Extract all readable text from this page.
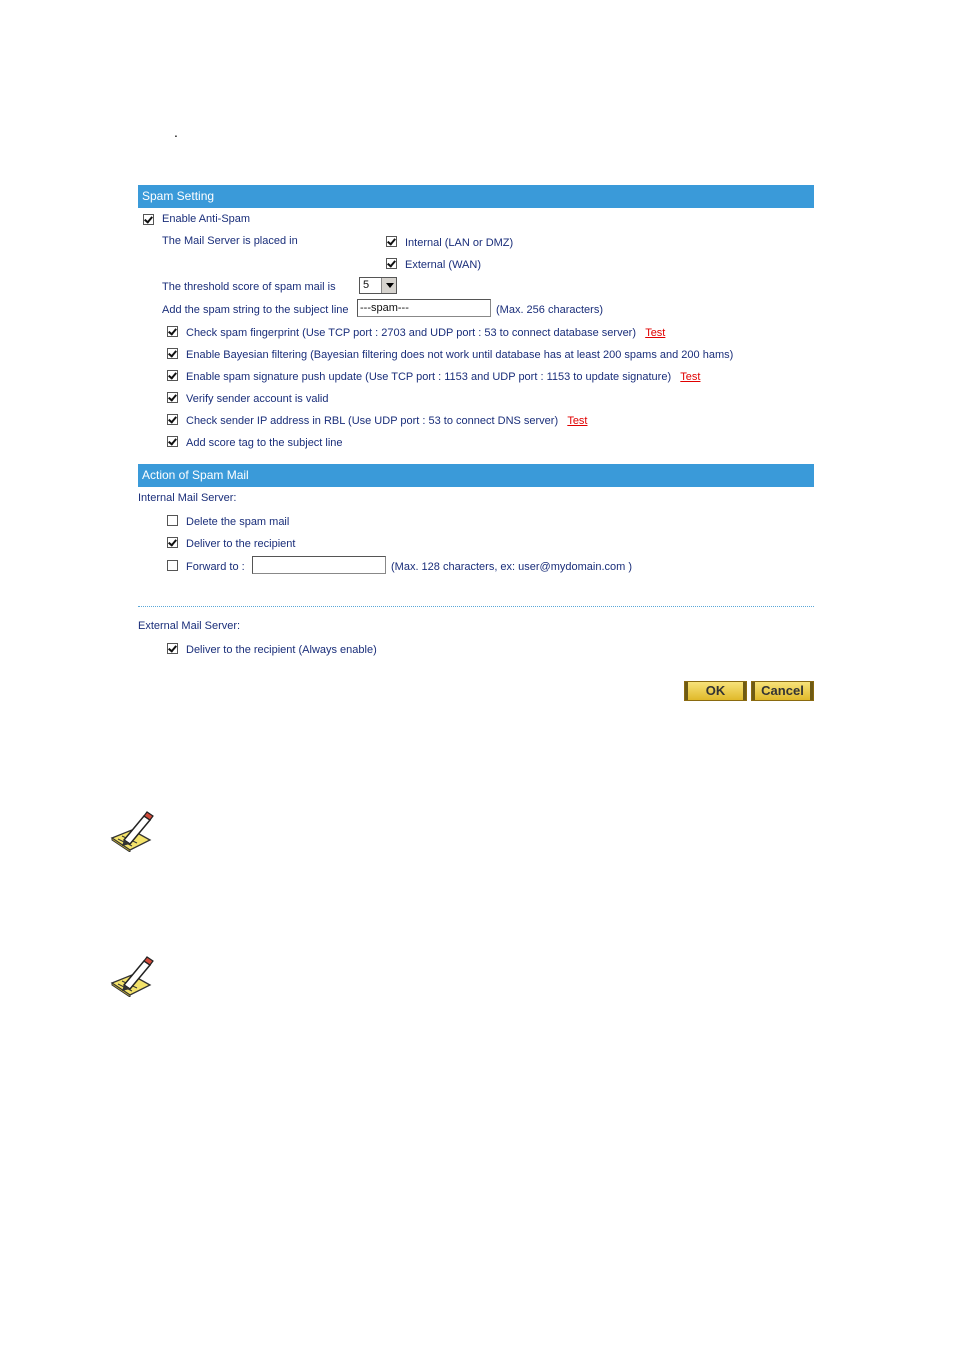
.
Spam Setting
Enable Anti-Spam
The Mail Server is placed in	Internal (LAN or DMZ)
External (WAN)
The threshold score of spam mail is	5
Add the spam string to the subject line ---spam---	(Max. 256 characters)
Check spam fingerprint (Use TCP port : 2703 and UDP port : 53 to connect database server) Test
Enable Bayesian filtering (Bayesian filtering does not work until database has at least 200 spams and 200 hams)
Enable spam signature push update (Use TCP port : 1153 and UDP port : 1153 to update signature) Test
Verify sender account is valid
Check sender IP address in RBL (Use UDP port : 53 to connect DNS server) Test
Add score tag to the subject line
Action of Spam Mail
Internal Mail Server:
Delete the spam mail
Deliver to the recipient
Forward to :	(Max. 128 characters, ex: user@mydomain.com )
External Mail Server:
Deliver to the recipient (Always enable)
OK	Cancel
